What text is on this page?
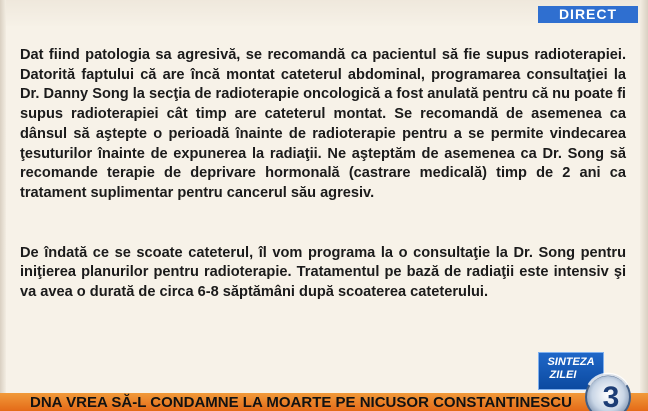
DIRECT

Dat fiind patologia sa agresivă, se recomandă ca pacientul să fie supus radioterapiei. Datorită faptului că are încă montat cateterul abdominal, programarea consultaţiei la Dr. Danny Song la secţia de radioterapie oncologică a fost anulată pentru că nu poate fi supus radioterapiei cât timp are cateterul montat. Se recomandă de asemenea ca dânsul să aştepte o perioadă înainte de radioterapie pentru a se permite vindecarea ţesuturilor înainte de expunerea la radiaţii. Ne aşteptăm de asemenea ca Dr. Song să recomande terapie de deprivare hormonală (castrare medicală) timp de 2 ani ca tratament suplimentar pentru cancerul său agresiv.

De îndată ce se scoate cateterul, îl vom programa la o consultaţie la Dr. Song pentru iniţierea planurilor pentru radioterapie. Tratamentul pe bază de radiaţii este intensiv şi va avea o durată de circa 6-8 săptămâni după scoaterea cateterului.

SINTEZA
ZILEI
DNA VREA SĂ-L CONDAMNE LA MOARTE PE NICUSOR CONSTANTINESCU 3
